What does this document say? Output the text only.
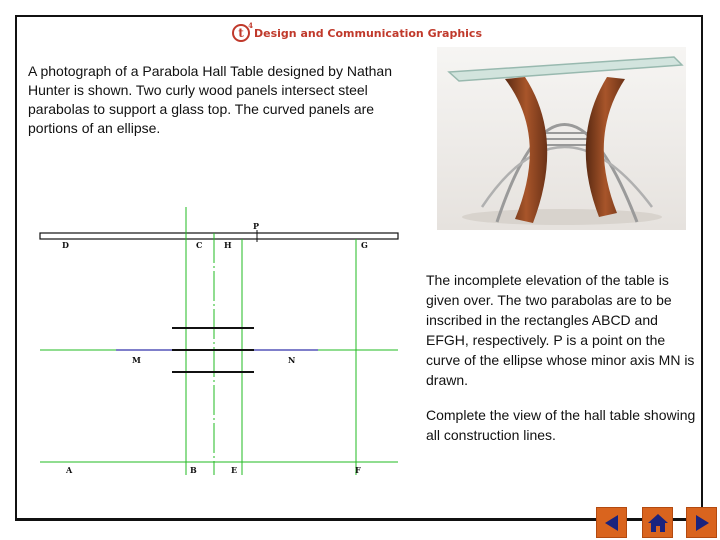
t
$^4$
Design and Communication Graphics
A photograph of a Parabola Hall Table designed by Nathan Hunter is shown. Two curly wood panels intersect steel parabolas to support a glass top. The curved panels are portions of an ellipse.
D	C	H
P
G
M	N
A	B	E	F
The incomplete elevation of the table is given over. The two parabolas are to be inscribed in the rectangles ABCD and EFGH, respectively. P is a point on the curve of the ellipse whose minor axis MN is drawn.
Complete the view of the hall table showing all construction lines.
